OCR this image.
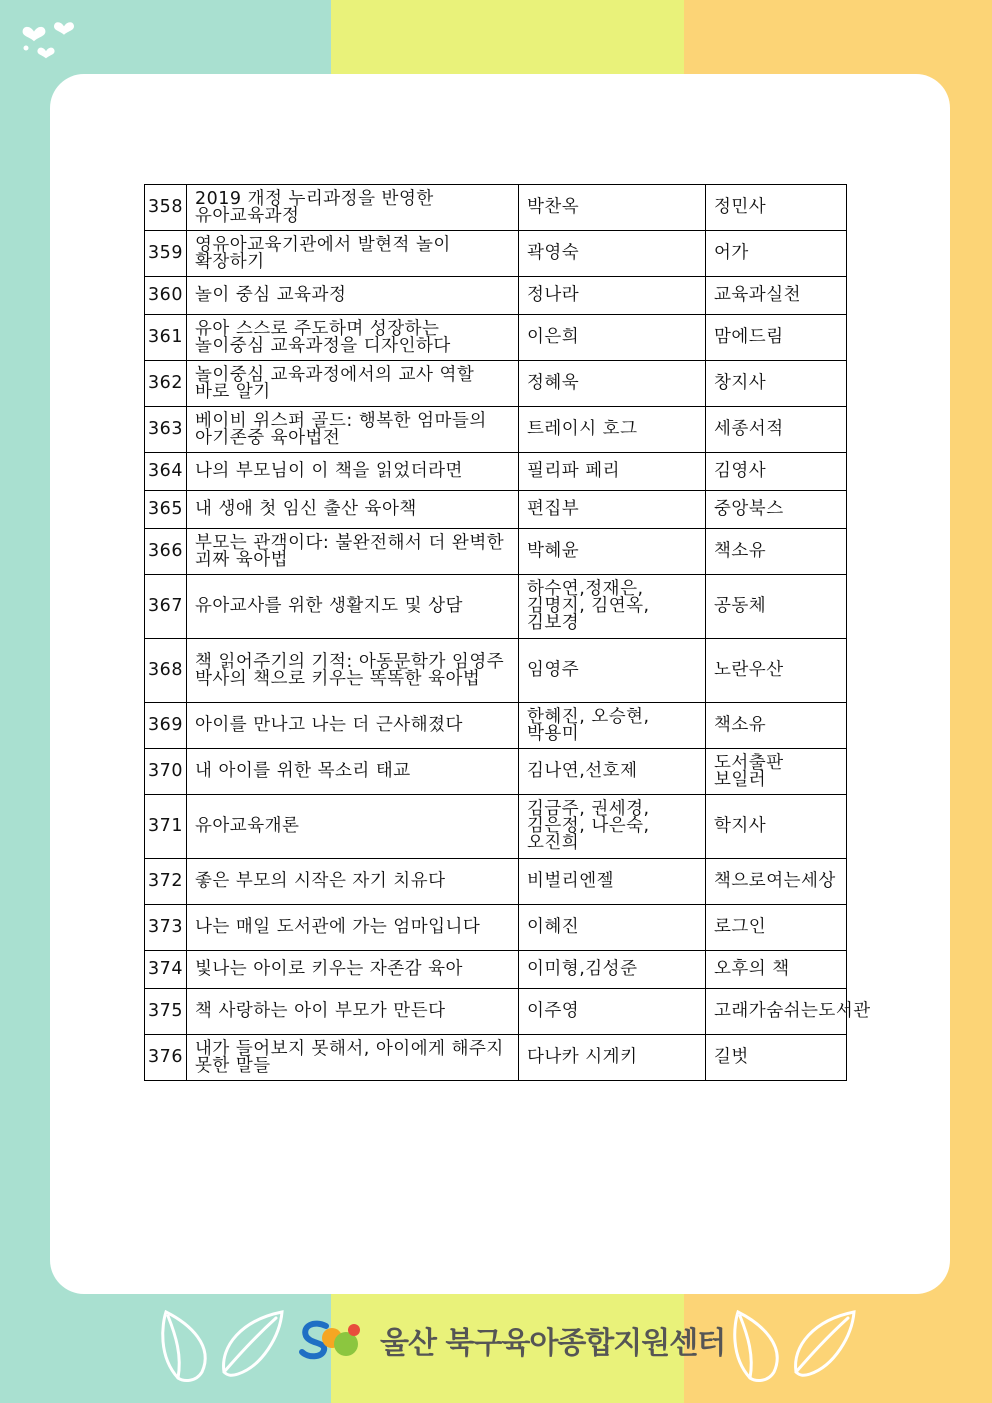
358	2019 개정 누리과정을 반영한 유아교육과정	박찬옥	정민사
359	영유아교육기관에서 발현적 놀이 확장하기	곽영숙	어가
360	놀이 중심 교육과정	정나라	교육과실천
361	유아 스스로 주도하며 성장하는 놀이중심 교육과정을 디자인하다	이은희	맘에드림
362	놀이중심 교육과정에서의 교사 역할 바로 알기	정혜욱	창지사
363	베이비 위스퍼 골드: 행복한 엄마들의 아기존중 육아법전	트레이시 호그	세종서적
364	나의 부모님이 이 책을 읽었더라면	필리파 페리	김영사
365	내 생애 첫 임신 출산 육아책	편집부	중앙북스
366	부모는 관객이다: 불완전해서 더 완벽한 괴짜 육아법	박혜윤	책소유
367	유아교사를 위한 생활지도 및 상담	하수연,정재은, 김명지, 김연옥, 김보경	공동체
368	책 읽어주기의 기적: 아동문학가 임영주 박사의 책으로 키우는 똑똑한 육아법	임영주	노란우산
369	아이를 만나고 나는 더 근사해졌다	한혜진, 오승현, 박용미	책소유
370	내 아이를 위한 목소리 태교	김나연,선호제	도서출판 보일러
371	유아교육개론	김금주, 권세경, 김은정, 나은숙, 오진희	학지사
372	좋은 부모의 시작은 자기 치유다	비벌리엔젤	책으로여는세상
373	나는 매일 도서관에 가는 엄마입니다	이혜진	로그인
374	빛나는 아이로 키우는 자존감 육아	이미형,김성준	오후의 책
375	책 사랑하는 아이 부모가 만든다	이주영	고래가숨쉬는도서관
376	내가 들어보지 못해서, 아이에게 해주지 못한 말들	다나카 시게키	길벗
울산 북구육아종합지원센터
